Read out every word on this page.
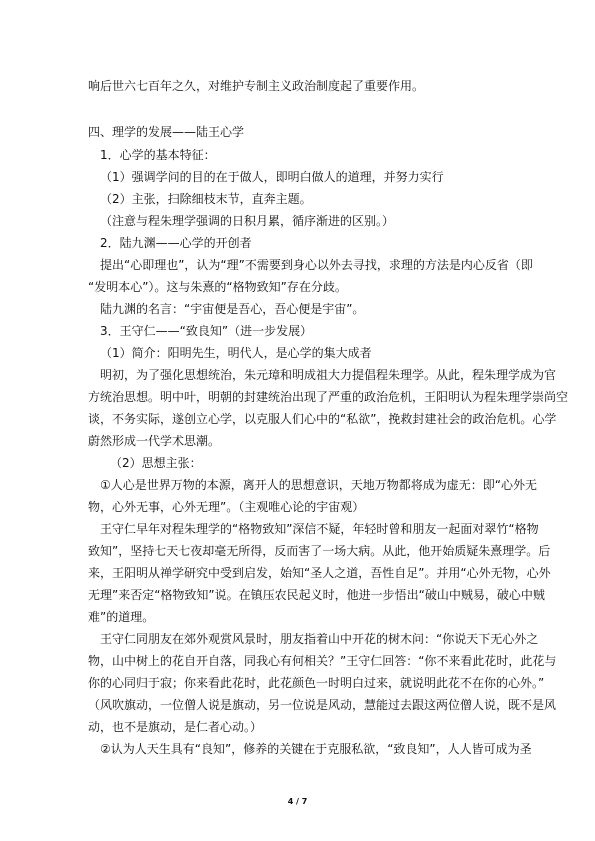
响后世六七百年之久，对维护专制主义政治制度起了重要作用。
四、理学的发展——陆王心学
1．心学的基本特征：
（1）强调学问的目的在于做人，即明白做人的道理，并努力实行
（2）主张，扫除细枝末节，直奔主题。
（注意与程朱理学强调的日积月累，循序渐进的区别。）
2．陆九渊——心学的开创者
提出“心即理也”，认为“理”不需要到身心以外去寻找，求理的方法是内心反省（即
“发明本心”）。这与朱熹的“格物致知”存在分歧。
陆九渊的名言：“宇宙便是吾心，吾心便是宇宙”。
3．王守仁——“致良知”（进一步发展）
（1）简介：阳明先生，明代人，是心学的集大成者
明初，为了强化思想统治，朱元璋和明成祖大力提倡程朱理学。从此，程朱理学成为官
方统治思想。明中叶，明朝的封建统治出现了严重的政治危机，王阳明认为程朱理学崇尚空
谈，不务实际，遂创立心学，以克服人们心中的“私欲”，挽救封建社会的政治危机。心学
蔚然形成一代学术思潮。
（2）思想主张：
①人心是世界万物的本源，离开人的思想意识，天地万物都将成为虚无：即“心外无
物，心外无事，心外无理”。（主观唯心论的宇宙观）
王守仁早年对程朱理学的“格物致知”深信不疑，年轻时曾和朋友一起面对翠竹“格物
致知”，坚持七天七夜却毫无所得，反而害了一场大病。从此，他开始质疑朱熹理学。后
来，王阳明从禅学研究中受到启发，始知“圣人之道，吾性自足”。并用“心外无物，心外
无理”来否定“格物致知”说。在镇压农民起义时，他进一步悟出“破山中贼易，破心中贼
难”的道理。
王守仁同朋友在郊外观赏风景时，朋友指着山中开花的树木问：“你说天下无心外之
物，山中树上的花自开自落，同我心有何相关？”王守仁回答：“你不来看此花时，此花与
你的心同归于寂；你来看此花时，此花颜色一时明白过来，就说明此花不在你的心外。”
（风吹旗动，一位僧人说是旗动，另一位说是风动，慧能过去跟这两位僧人说，既不是风
动，也不是旗动，是仁者心动。）
②认为人天生具有“良知”，修养的关键在于克服私欲，“致良知”，人人皆可成为圣
4 / 7
